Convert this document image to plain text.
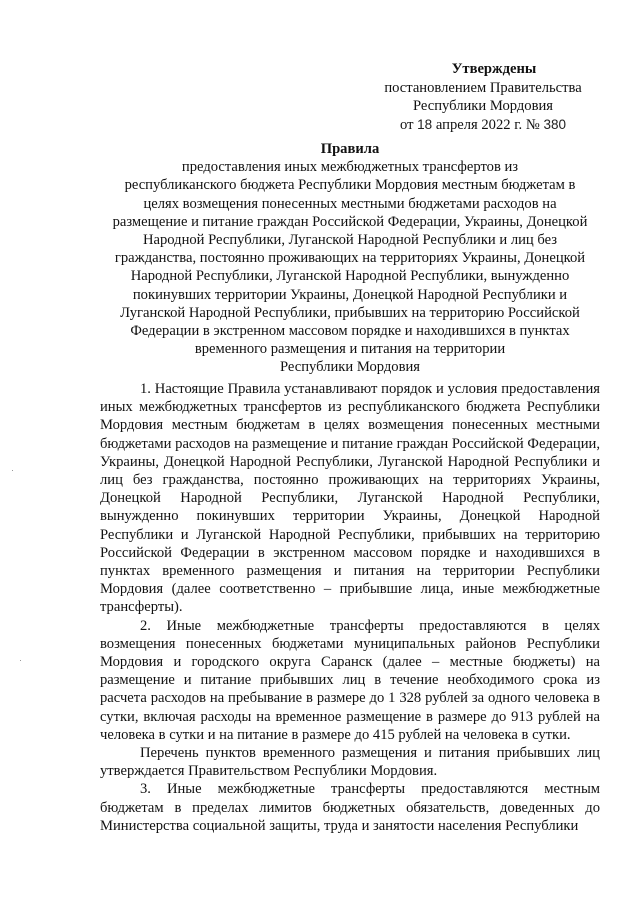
Утверждены
постановлением Правительства
Республики Мордовия
от 18 апреля 2022 г. № 380
Правила
предоставления иных межбюджетных трансфертов из
республиканского бюджета Республики Мордовия местным бюджетам в
целях возмещения понесенных местными бюджетами расходов на
размещение и питание граждан Российской Федерации, Украины, Донецкой
Народной Республики, Луганской Народной Республики и лиц без
гражданства, постоянно проживающих на территориях Украины, Донецкой
Народной Республики, Луганской Народной Республики, вынужденно
покинувших территории Украины, Донецкой Народной Республики и
Луганской Народной Республики, прибывших на территорию Российской
Федерации в экстренном массовом порядке и находившихся в пунктах
временного размещения и питания на территории
Республики Мордовия

1. Настоящие Правила устанавливают порядок и условия предоставления иных межбюджетных трансфертов из республиканского бюджета Республики Мордовия местным бюджетам в целях возмещения понесенных местными бюджетами расходов на размещение и питание граждан Российской Федерации, Украины, Донецкой Народной Республики, Луганской Народной Республики и лиц без гражданства, постоянно проживающих на территориях Украины, Донецкой Народной Республики, Луганской Народной Республики, вынужденно покинувших территории Украины, Донецкой Народной Республики и Луганской Народной Республики, прибывших на территорию Российской Федерации в экстренном массовом порядке и находившихся в пунктах временного размещения и питания на территории Республики Мордовия (далее соответственно – прибывшие лица, иные межбюджетные трансферты).

2. Иные межбюджетные трансферты предоставляются в целях возмещения понесенных бюджетами муниципальных районов Республики Мордовия и городского округа Саранск (далее – местные бюджеты) на размещение и питание прибывших лиц в течение необходимого срока из расчета расходов на пребывание в размере до 1 328 рублей за одного человека в сутки, включая расходы на временное размещение в размере до 913 рублей на человека в сутки и на питание в размере до 415 рублей на человека в сутки.

Перечень пунктов временного размещения и питания прибывших лиц утверждается Правительством Республики Мордовия.

3. Иные межбюджетные трансферты предоставляются местным бюджетам в пределах лимитов бюджетных обязательств, доведенных до Министерства социальной защиты, труда и занятости населения Республики
